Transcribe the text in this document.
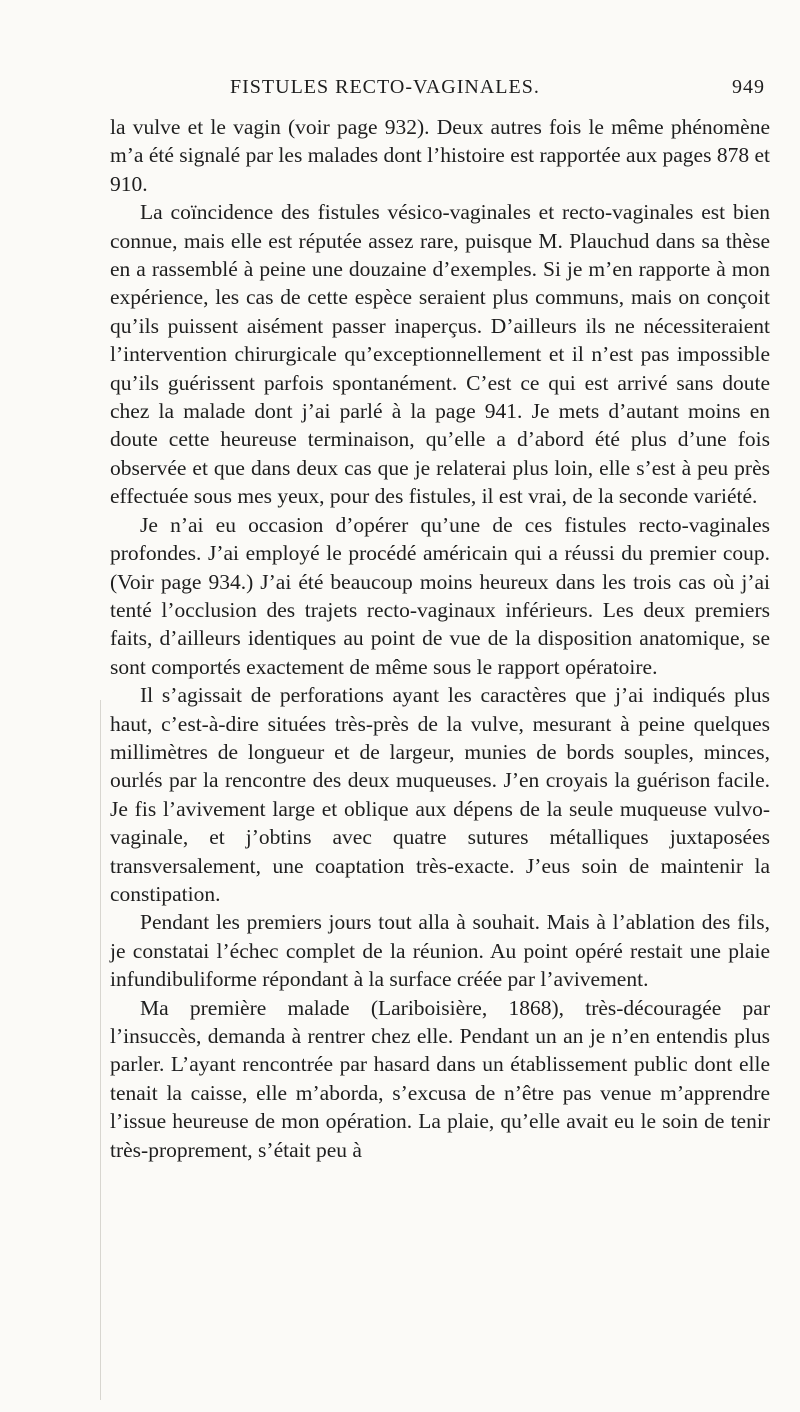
FISTULES RECTO-VAGINALES.	949

la vulve et le vagin (voir page 932). Deux autres fois le même phénomène m’a été signalé par les malades dont l’histoire est rapportée aux pages 878 et 910.

La coïncidence des fistules vésico-vaginales et recto-vaginales est bien connue, mais elle est réputée assez rare, puisque M. Plauchud dans sa thèse en a rassemblé à peine une douzaine d’exemples. Si je m’en rapporte à mon expérience, les cas de cette espèce seraient plus communs, mais on conçoit qu’ils puissent aisément passer inaperçus. D’ailleurs ils ne nécessiteraient l’intervention chirurgicale qu’exceptionnellement et il n’est pas impossible qu’ils guérissent parfois spontanément. C’est ce qui est arrivé sans doute chez la malade dont j’ai parlé à la page 941. Je mets d’autant moins en doute cette heureuse terminaison, qu’elle a d’abord été plus d’une fois observée et que dans deux cas que je relaterai plus loin, elle s’est à peu près effectuée sous mes yeux, pour des fistules, il est vrai, de la seconde variété.

Je n’ai eu occasion d’opérer qu’une de ces fistules recto-vaginales profondes. J’ai employé le procédé américain qui a réussi du premier coup. (Voir page 934.) J’ai été beaucoup moins heureux dans les trois cas où j’ai tenté l’occlusion des trajets recto-vaginaux inférieurs. Les deux premiers faits, d’ailleurs identiques au point de vue de la disposition anatomique, se sont comportés exactement de même sous le rapport opératoire.

Il s’agissait de perforations ayant les caractères que j’ai indiqués plus haut, c’est-à-dire situées très-près de la vulve, mesurant à peine quelques millimètres de longueur et de largeur, munies de bords souples, minces, ourlés par la rencontre des deux muqueuses. J’en croyais la guérison facile. Je fis l’avivement large et oblique aux dépens de la seule muqueuse vulvo-vaginale, et j’obtins avec quatre sutures métalliques juxtaposées transversalement, une coaptation très-exacte. J’eus soin de maintenir la constipation.

Pendant les premiers jours tout alla à souhait. Mais à l’ablation des fils, je constatai l’échec complet de la réunion. Au point opéré restait une plaie infundibuliforme répondant à la surface créée par l’avivement.

Ma première malade (Lariboisière, 1868), très-découragée par l’insuccès, demanda à rentrer chez elle. Pendant un an je n’en entendis plus parler. L’ayant rencontrée par hasard dans un établissement public dont elle tenait la caisse, elle m’aborda, s’excusa de n’être pas venue m’apprendre l’issue heureuse de mon opération. La plaie, qu’elle avait eu le soin de tenir très-proprement, s’était peu à
